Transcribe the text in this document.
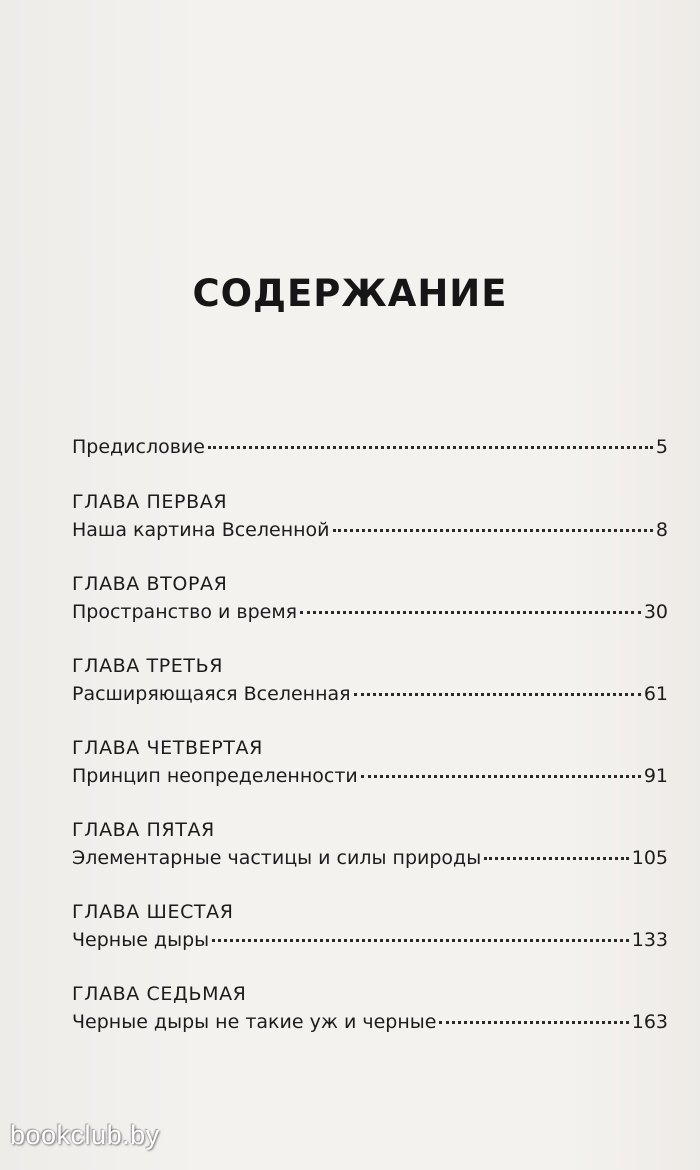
СОДЕРЖАНИЕ
Предисловие	5
ГЛАВА ПЕРВАЯ
Наша картина Вселенной	8
ГЛАВА ВТОРАЯ
Пространство и время	30
ГЛАВА ТРЕТЬЯ
Расширяющаяся Вселенная	61
ГЛАВА ЧЕТВЕРТАЯ
Принцип неопределенности	91
ГЛАВА ПЯТАЯ
Элементарные частицы и силы природы	105
ГЛАВА ШЕСТАЯ
Черные дыры	133
ГЛАВА СЕДЬМАЯ
Черные дыры не такие уж и черные	163
bookclub.by
